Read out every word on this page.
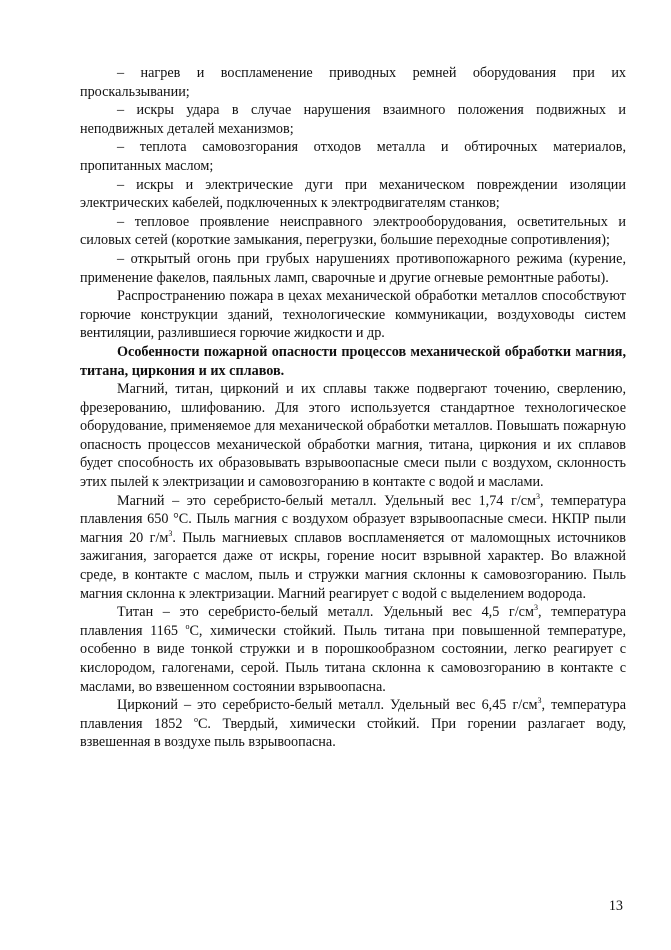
– нагрев и воспламенение приводных ремней оборудования при их проскальзывании;

– искры удара в случае нарушения взаимного положения подвижных и неподвижных деталей механизмов;

– теплота самовозгорания отходов металла и обтирочных материалов, пропитанных маслом;

– искры и электрические дуги при механическом повреждении изоляции электрических кабелей, подключенных к электродвигателям станков;

– тепловое проявление неисправного электрооборудования, осветительных и силовых сетей (короткие замыкания, перегрузки, большие переходные сопротивления);

– открытый огонь при грубых нарушениях противопожарного режима (курение, применение факелов, паяльных ламп, сварочные и другие огневые ремонтные работы).

Распространению пожара в цехах механической обработки металлов способствуют горючие конструкции зданий, технологические коммуникации, воздуховоды систем вентиляции, разлившиеся горючие жидкости и др.

Особенности пожарной опасности процессов механической обработки магния, титана, циркония и их сплавов.

Магний, титан, цирконий и их сплавы также подвергают точению, сверлению, фрезерованию, шлифованию. Для этого используется стандартное технологическое оборудование, применяемое для механической обработки металлов. Повышать пожарную опасность процессов механической обработки магния, титана, циркония и их сплавов будет способность их образовывать взрывоопасные смеси пыли с воздухом, склонность этих пылей к электризации и самовозгоранию в контакте с водой и маслами.

Магний – это серебристо-белый металл. Удельный вес 1,74 $г/см^3$, температура плавления 650 °С. Пыль магния с воздухом образует взрывоопасные смеси. НКПР пыли магния 20 $г/м^3$. Пыль магниевых сплавов воспламеняется от маломощных источников зажигания, загорается даже от искры, горение носит взрывной характер. Во влажной среде, в контакте с маслом, пыль и стружки магния склонны к самовозгоранию. Пыль магния склонна к электризации. Магний реагирует с водой с выделением водорода.

Титан – это серебристо-белый металл. Удельный вес 4,5 $г/см^3$, температура плавления 1165 $^о$С, химически стойкий. Пыль титана при повышенной температуре, особенно в виде тонкой стружки и в порошкообразном состоянии, легко реагирует с кислородом, галогенами, серой. Пыль титана склонна к самовозгоранию в контакте с маслами, во взвешенном состоянии взрывоопасна.

Цирконий – это серебристо-белый металл. Удельный вес 6,45 $г/см^3$, температура плавления 1852 $^о$С. Твердый, химически стойкий. При горении разлагает воду, взвешенная в воздухе пыль взрывоопасна.

13
